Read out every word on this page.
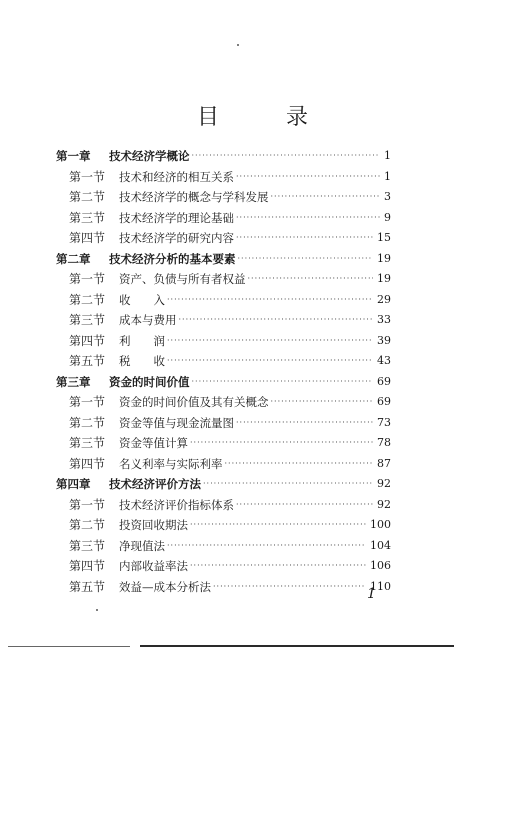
目 录
第一章	技术经济学概论 ·····	1
第一节	技术和经济的相互关系 ·····	1
第二节	技术经济学的概念与学科发展 ·····	3
第三节	技术经济学的理论基础 ·····	9
第四节	技术经济学的研究内容 ·····	15
第二章	技术经济分析的基本要素 ·····	19
第一节	资产、负债与所有者权益 ·····	19
第二节	收　　入 ·····	29
第三节	成本与费用 ·····	33
第四节	利　　润 ·····	39
第五节	税　　收 ·····	43
第三章	资金的时间价值 ·····	69
第一节	资金的时间价值及其有关概念 ·····	69
第二节	资金等值与现金流量图 ·····	73
第三节	资金等值计算 ·····	78
第四节	名义利率与实际利率 ·····	87
第四章	技术经济评价方法 ·····	92
第一节	技术经济评价指标体系 ·····	92
第二节	投资回收期法 ·····	100
第三节	净现值法 ·····	104
第四节	内部收益率法 ·····	106
第五节	效益—成本分析法 ·····	110
1
